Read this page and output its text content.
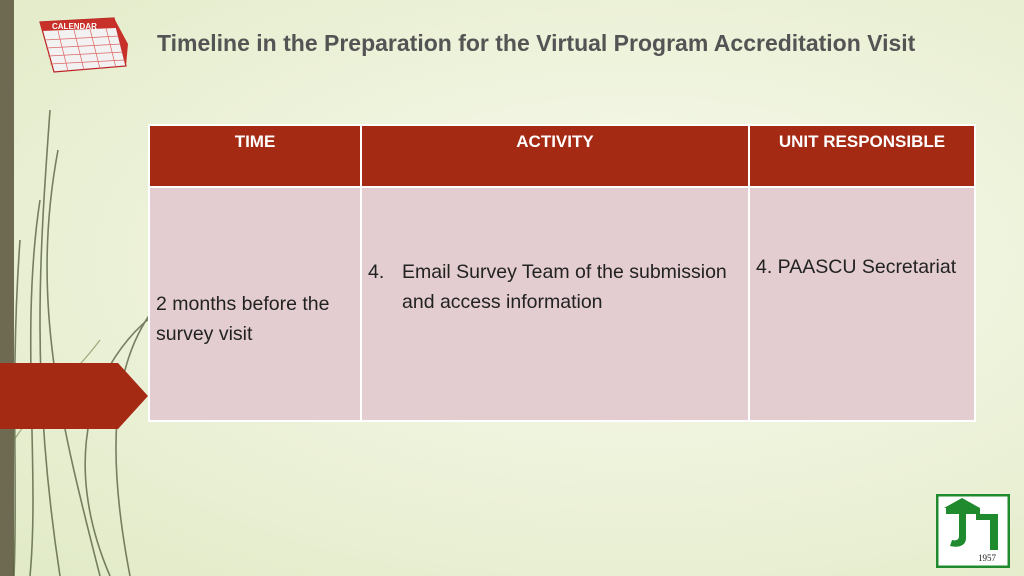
CALENDAR
Timeline in the Preparation for the Virtual Program Accreditation Visit
TIME	ACTIVITY	UNIT RESPONSIBLE
2 months before the survey visit	4. Email Survey Team of the submission and access information	4. PAASCU Secretariat
1957
